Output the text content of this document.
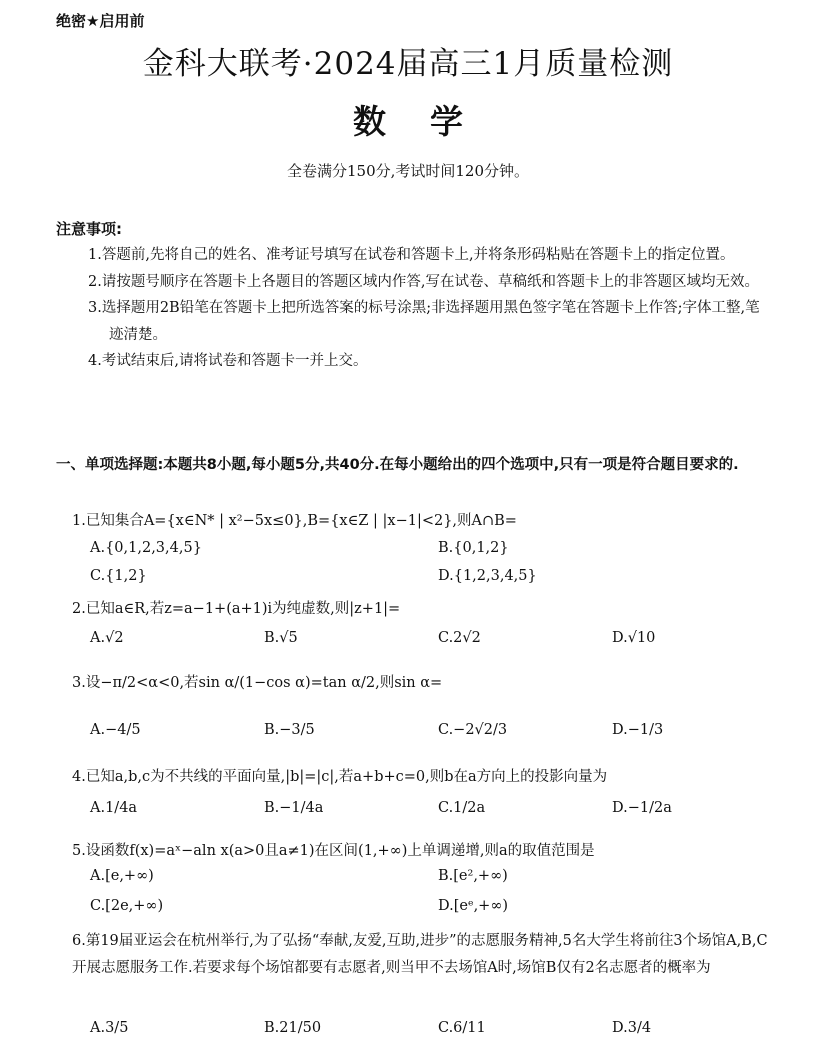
绝密★启用前
金科大联考·2024届高三1月质量检测
数学
全卷满分150分,考试时间120分钟。
注意事项:
1.答题前,先将自己的姓名、准考证号填写在试卷和答题卡上,并将条形码粘贴在答题卡上的指定位置。
2.请按题号顺序在答题卡上各题目的答题区域内作答,写在试卷、草稿纸和答题卡上的非答题区域均无效。
3.选择题用2B铅笔在答题卡上把所选答案的标号涂黑;非选择题用黑色签字笔在答题卡上作答;字体工整,笔迹清楚。
4.考试结束后,请将试卷和答题卡一并上交。
一、单项选择题:本题共8小题,每小题5分,共40分.在每小题给出的四个选项中,只有一项是符合题目要求的.
1.已知集合A={x∈N* | x²−5x≤0},B={x∈Z | |x−1|<2},则A∩B=
A.{0,1,2,3,4,5}	B.{0,1,2}
C.{1,2}	D.{1,2,3,4,5}
2.已知a∈R,若z=a−1+(a+1)i为纯虚数,则|z+1|=
A.√2	B.√5	C.2√2	D.√10
3.设−π/2<α<0,若sin α/(1−cos α)=tan α/2,则sin α=
A.−4/5	B.−3/5	C.−2√2/3	D.−1/3
4.已知a,b,c为不共线的平面向量,|b|=|c|,若a+b+c=0,则b在a方向上的投影向量为
A.1/4a	B.−1/4a	C.1/2a	D.−1/2a
5.设函数f(x)=aˣ−aln x(a>0且a≠1)在区间(1,+∞)上单调递增,则a的取值范围是
A.[e,+∞)	B.[e²,+∞)
C.[2e,+∞)	D.[eᵉ,+∞)
6.第19届亚运会在杭州举行,为了弘扬“奉献,友爱,互助,进步”的志愿服务精神,5名大学生将前往3个场馆A,B,C开展志愿服务工作.若要求每个场馆都要有志愿者,则当甲不去场馆A时,场馆B仅有2名志愿者的概率为
A.3/5	B.21/50	C.6/11	D.3/4
